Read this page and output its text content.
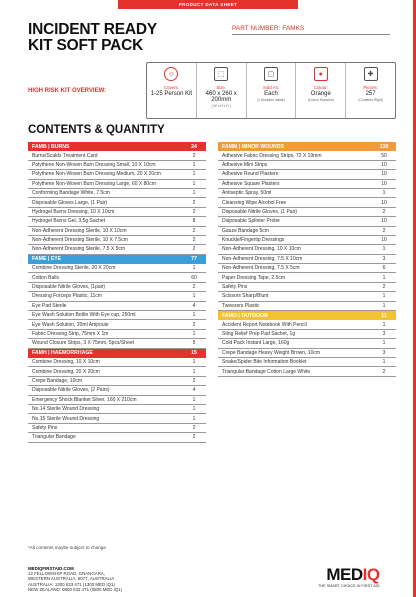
PRODUCT DATA SHEET
INCIDENT READY
KIT SOFT PACK
PART NUMBER: FAMKS
HIGH RISK KIT OVERVIEW:
☺
Covers:
1-25 Person Kit
⬚
Size:
460 x 260 x 200mm
( W x H x D )
▢
Sold As:
Each
(1 Modules Inside)
●
Colour:
Orange
(Colour Modules)
✚
Pieces:
257
(Contents Right)
CONTENTS & QUANTITY
FAMB | BURNS	24
Burns/Scalds Treatment Card	2
Polythene Non-Woven Burn Dressing Small, 10 X 10cm	1
Polythene Non-Woven Burn Dressing Medium, 20 X 20cm	1
Polythene Non-Woven Burn Dressing Large, 60 X 80cm	1
Conforming Bandage White, 7.5cm	1
Disposable Gloves Large, (1 Pair)	2
Hydrogel Burns Dressing, 10 X 10cm	2
Hydrogel Burns Gel, 3.5g Sachet	8
Non-Adherent Dressing Sterile, 10 X 10cm	2
Non-Adherent Dressing Sterile, 10 X 7.5cm	2
Non-Adherent Dressing Sterile, 7.5 X 5cm	2
FAME | EYE	77
Combine Dressing Sterile, 20 X 20cm	1
Cotton Balls	60
Disposable Nitrile Gloves, (1pair)	2
Dressing Forceps Plastic, 11cm	1
Eye Pad Sterile	4
Eye Wash Solution Bottle With Eye cup, 250ml	1
Eye Wash Solution, 20ml Ampoule	2
Fabric Dressing Strip, 75mm X 1m	1
Wound Closure Strips, 3 X 75mm, 5pcs/Sheet	5
FAMH | HAEMORRHAGE	15
Combine Dressing, 10 X 10cm	1
Combine Dressing, 20 X 20cm	1
Crepe Bandage, 10cm	2
Disposable Nitrile Gloves, (2 Pairs)	4
Emergency Shock Blanket Silver, 160 X 210cm	1
No.14 Sterile Wound Dressing	1
No.15 Sterile Wound Dressing	1
Safety Pins	2
Triangular Bandage	2
FAMM | MINOR WOUNDS	130
Adhesive Fabric Dressing Strips, 72 X 19mm	50
Adhesive Mini Strips	10
Adhesive Round Plasters	10
Adhesive Square Plasters	10
Antiseptic Spray, 50ml	1
Cleansing Wipe Alcohol Free	10
Disposable Nitrile Gloves, (1 Pair)	2
Disposable Splinter Probe	10
Gauze Bandage 5cm	2
Knuckle/Fingertip Dressings	10
Non-Adherent Dressing, 10 X 10cm	1
Non-Adherent Dressing, 7.5 X 10cm	3
Non-Adherent Dressing, 7.5 X 5cm	6
Paper Dressing Tape, 2.5cm	1
Safety Pins	2
Scissors Sharp/Blunt	1
Tweezers Plastic	1
FAMO | OUTDOOR	11
Accident Report Notebook With Pencil	1
Sting Relief Prep Pad Sachet, 1g	3
Cold Pack Instant Large, 160g	1
Crepe Bandage Heavy Weight Brown, 10cm	3
Snake/Spider Bite Information Booklet	1
Triangular Bandage Cotton Large White	2
*All contents maybe subject to change
MEDIQFIRSTAID.COM
12 FELLOWSHIP ROAD, GNANGARA,
WESTERN AUSTRALIA, 6077, AUSTRALIA
AUSTRALIA: 1300 633 471 (1300 MED IQ1)
NEW ZEALAND: 0800 633 471 (0800 MED IQ1)
MEDIQ
THE SMART CHOICE IN FIRST AID
